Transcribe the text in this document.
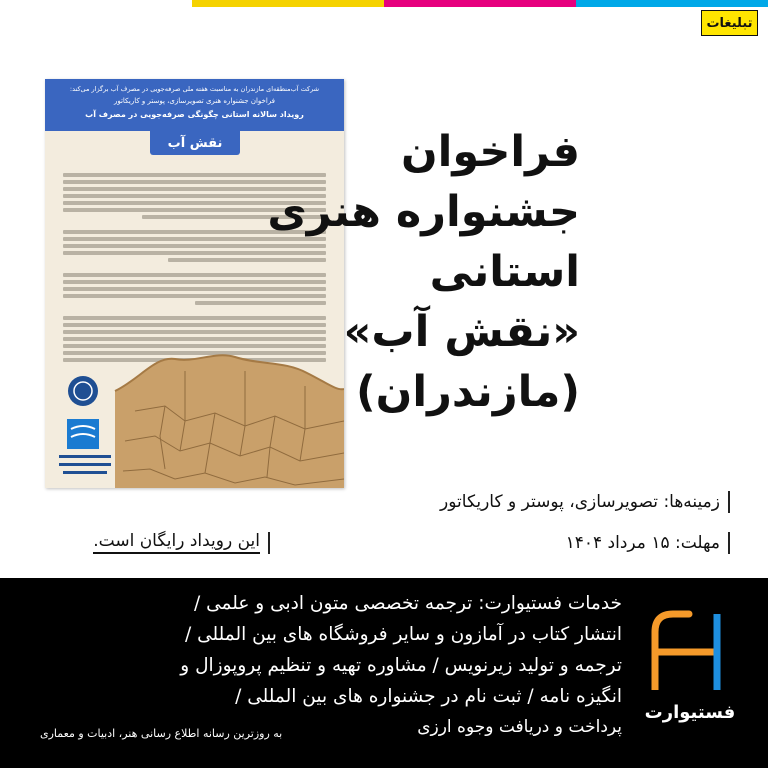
تبلیغات
شرکت آب‌منطقه‌ای مازندران به مناسبت هفته ملی صرفه‌جویی در مصرف آب برگزار می‌کند:
فراخوان جشنواره هنری تصویرسازی، پوستر و کاریکاتور
رویداد سالانه استانی چگونگی صرفه‌جویی در مصرف آب
نقش آب	فراخوان
جشنواره هنری
استانی
«نقش آب»
(مازندران)
زمینه‌ها: تصویرسازی، پوستر و کاریکاتور
مهلت: ۱۵ مرداد ۱۴۰۴
این رویداد رایگان است.

خدمات فستیوارت: ترجمه تخصصی متون ادبی و علمی /

انتشار کتاب در آمازون و سایر فروشگاه های بین المللی /

ترجمه و تولید زیرنویس / مشاوره تهیه و تنظیم پروپوزال و

انگیزه نامه / ثبت نام در جشنواره های بین المللی /

پرداخت و دریافت وجوه ارزی

به روزترین رسانه اطلاع رسانی هنر، ادبیات و معماری
فستیوارت
